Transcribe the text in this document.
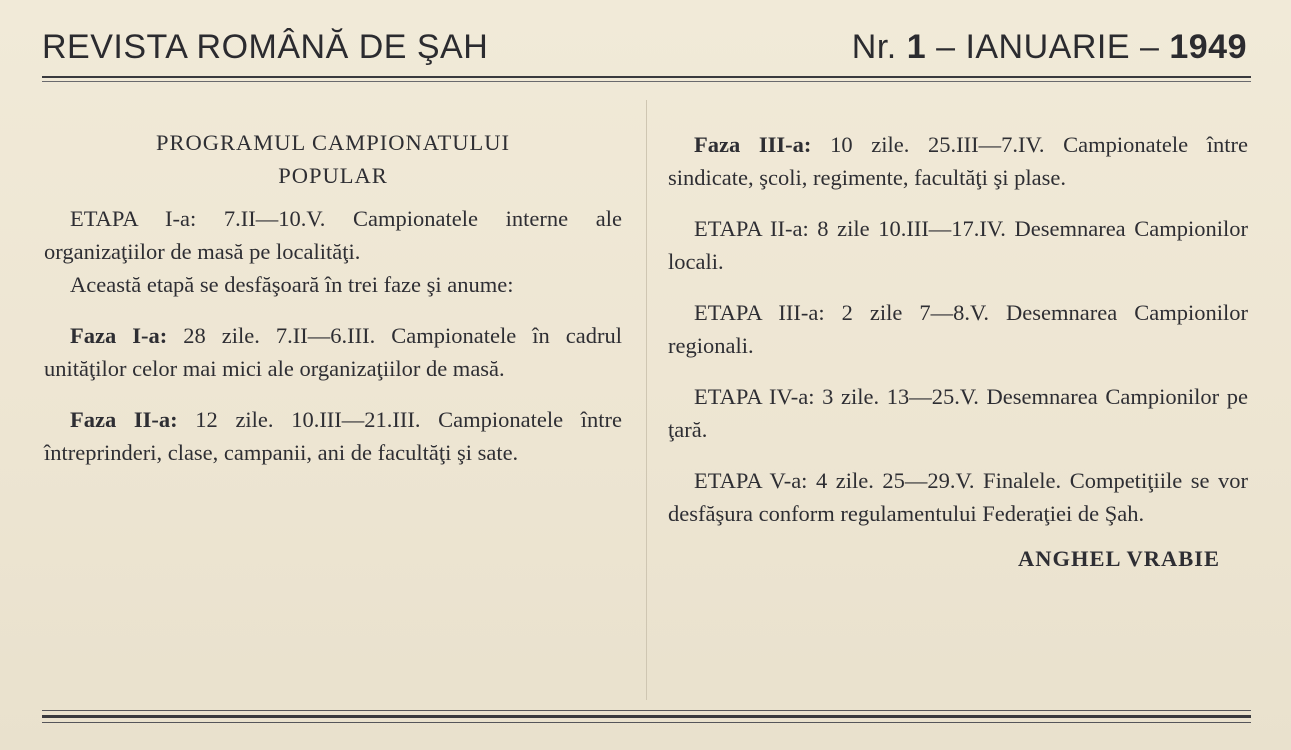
REVISTA ROMÂNĂ DE ŞAH	Nr. 1 – IANUARIE – 1949
PROGRAMUL CAMPIONATULUI
POPULAR

ETAPA I-a: 7.II—10.V. Campionatele interne ale organizaţiilor de masă pe localităţi.

Această etapă se desfăşoară în trei faze şi anume:

Faza I-a: 28 zile. 7.II—6.III. Campionatele în cadrul unităţilor celor mai mici ale organizaţiilor de masă.

Faza II-a: 12 zile. 10.III—21.III. Campionatele între întreprinderi, clase, campanii, ani de facultăţi şi sate.

Faza III-a: 10 zile. 25.III—7.IV. Campionatele între sindicate, şcoli, regimente, facultăţi şi plase.

ETAPA II-a: 8 zile 10.III—17.IV. Desemnarea Campionilor locali.

ETAPA III-a: 2 zile 7—8.V. Desemnarea Campionilor regionali.

ETAPA IV-a: 3 zile. 13—25.V. Desemnarea Campionilor pe ţară.

ETAPA V-a: 4 zile. 25—29.V. Finalele. Competiţiile se vor desfăşura conform regulamentului Federaţiei de Şah.

ANGHEL VRABIE
